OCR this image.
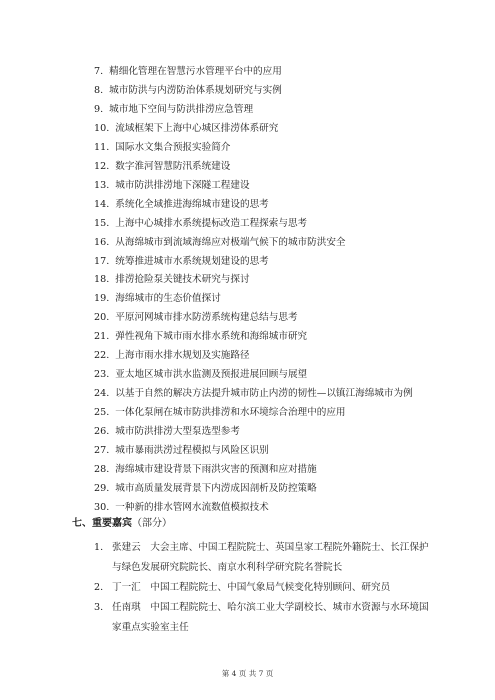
7. 精细化管理在智慧污水管理平台中的应用
8. 城市防洪与内涝防治体系规划研究与实例
9. 城市地下空间与防洪排涝应急管理
10. 流域框架下上海中心城区排涝体系研究
11. 国际水文集合预报实验简介
12. 数字淮河智慧防汛系统建设
13. 城市防洪排涝地下深隧工程建设
14. 系统化全域推进海绵城市建设的思考
15. 上海中心城排水系统提标改造工程探索与思考
16. 从海绵城市到流域海绵应对极端气候下的城市防洪安全
17. 统筹推进城市水系统规划建设的思考
18. 排涝抢险泵关键技术研究与探讨
19. 海绵城市的生态价值探讨
20. 平原河网城市排水防涝系统构建总结与思考
21. 弹性视角下城市雨水排水系统和海绵城市研究
22. 上海市雨水排水规划及实施路径
23. 亚太地区城市洪水监测及预报进展回顾与展望
24. 以基于自然的解决方法提升城市防止内涝的韧性—以镇江海绵城市为例
25. 一体化泵闸在城市防洪排涝和水环境综合治理中的应用
26. 城市防洪排涝大型泵选型参考
27. 城市暴雨洪涝过程模拟与风险区识别
28. 海绵城市建设背景下雨洪灾害的预测和应对措施
29. 城市高质量发展背景下内涝成因剖析及防控策略
30. 一种新的排水管网水流数值模拟技术
七、重要嘉宾（部分）
1. 张建云　大会主席、中国工程院院士、英国皇家工程院外籍院士、长江保护与绿色发展研究院院长、南京水利科学研究院名誉院长
2. 丁一汇　中国工程院院士、中国气象局气候变化特别顾问、研究员
3. 任南琪　中国工程院院士、哈尔滨工业大学副校长、城市水资源与水环境国家重点实验室主任
第 4 页 共 7 页
